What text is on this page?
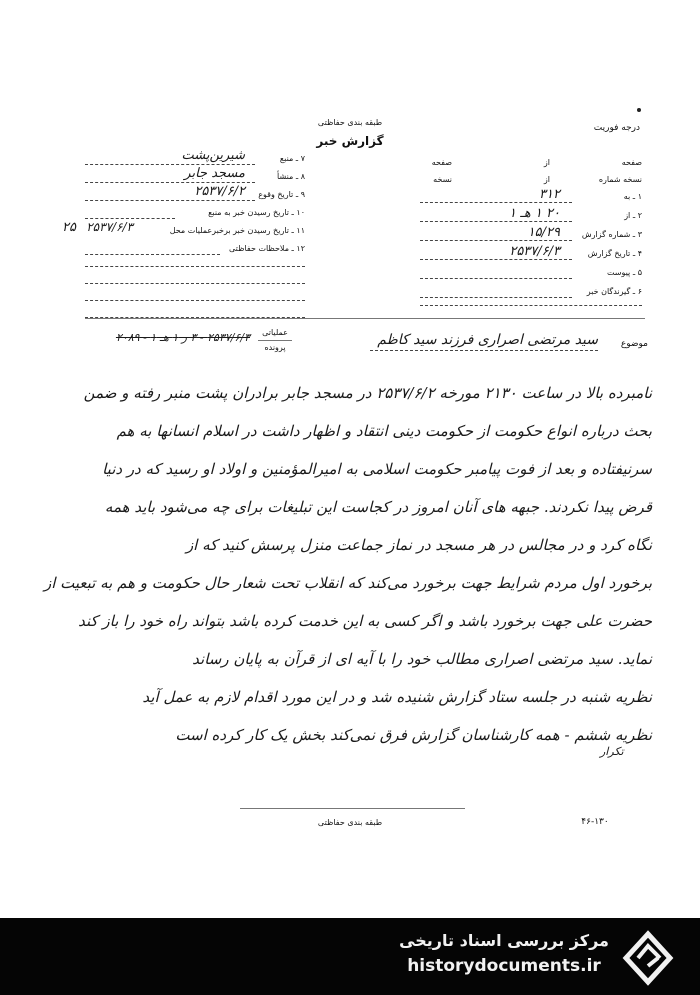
درجه فوریت
طبقه بندی حفاظتی
گزارش خبر
صفحه
از
صفحه
نسخه شماره
از
نسخه
۱ ـ به
۳۱۲
۲ ـ از
۲۰ ۱ هـ ۱
۳ ـ شماره گزارش
۱۵/۲۹
۴ ـ تاریخ گزارش
۲۵۳۷/۶/۳
۵ ـ پیوست
۶ ـ گیرندگان خبر
۷ ـ منبع
شیرین‌پشت
۸ ـ منشأ
مسجد جابر
۹ ـ تاریخ وقوع
۲۵۳۷/۶/۲
۱۰ ـ تاریخ رسیدن خبر به منبع
۱۱ ـ تاریخ رسیدن خبر برخبرعملیات محل
۲۵۳۷/۶/۳
۱۲ ـ ملاحظات حفاظتی
۲۵
موضوع
سید مرتضی اصراری فرزند سید کاظم
عملیاتی
پرونده
۲۵۳۷/۶/۳ - ۳ ر ۱ هـ ۱ - ۲۰۸۹
نامبرده بالا در ساعت ۲۱۳۰ مورخه ۲۵۳۷/۶/۲ در مسجد جابر برادران پشت منبر رفته و ضمن
بحث درباره انواع حکومت از حکومت دینی انتقاد و اظهار داشت در اسلام انسانها به هم
سرنیفتاده و بعد از فوت پیامبر حکومت اسلامی به امیرالمؤمنین و اولاد او رسید که در دنیا
قرض پیدا نکردند. جبهه های آنان امروز در کجاست این تبلیغات برای چه می‌شود باید همه
نگاه کرد و در مجالس در هر مسجد در نماز جماعت منزل پرسش کنید که از
برخورد اول مردم شرایط جهت برخورد می‌کند که انقلاب تحت شعار حال حکومت و هم به تبعیت از
حضرت علی جهت برخورد باشد و اگر کسی به این خدمت کرده باشد بتواند راه خود را باز کند
نماید. سید مرتضی اصراری مطالب خود را با آیه ای از قرآن به پایان رساند
نظریه شنبه در جلسه ستاد گزارش شنیده شد و در این مورد اقدام لازم به عمل آید
نظریه ششم - همه کارشناسان گزارش فرق نمی‌کند بخش یک کار کرده است
تکرار
طبقه بندی حفاظتی	۴۶-۱۳۰
مرکز بررسی اسناد تاریخی
historydocuments.ir
